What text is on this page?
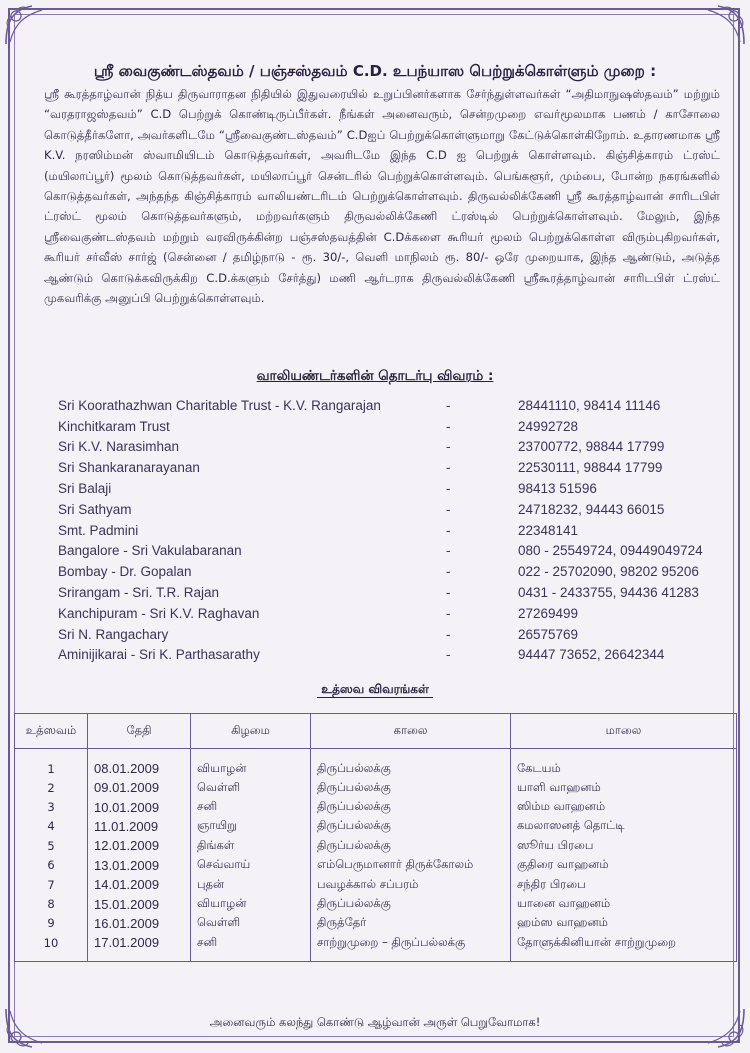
ஸ்ரீ வைகுண்டஸ்தவம் / பஞ்சஸ்தவம் C.D. உபந்யாஸ பெற்றுக்கொள்ளும் முறை :
ஸ்ரீ கூரத்தாழ்வான் நித்ய திருவாராதன நிதியில் இதுவரையில் உறுப்பினர்களாக சேர்ந்துள்ளவர்கள் “அதிமாநுஷஸ்தவம்” மற்றும் “வரதராஜஸ்தவம்” C.D பெற்றுக் கொண்டிருப்பீர்கள். நீங்கள் அனைவரும், சென்றமுறை எவர்மூலமாக பணம் / காசோலை கொடுத்தீர்களோ, அவர்களிடமே “ஸ்ரீவைகுண்டஸ்தவம்” C.Dஐப் பெற்றுக்கொள்ளுமாறு கேட்டுக்கொள்கிறோம். உதாரணமாக ஸ்ரீ K.V. நரஸிம்மன் ஸ்வாமியிடம் கொடுத்தவர்கள், அவரிடமே இந்த C.D ஐ பெற்றுக் கொள்ளவும். கிஞ்சித்காரம் ட்ரஸ்ட் (மயிலாப்பூர்) மூலம் கொடுத்தவர்கள், மயிலாப்பூர் சென்டரில் பெற்றுக்கொள்ளவும். பெங்களூர், மும்பை, போன்ற நகரங்களில் கொடுத்தவர்கள், அந்தந்த கிஞ்சித்காரம் வாலியண்டரிடம் பெற்றுக்கொள்ளவும். திருவல்லிக்கேணி ஸ்ரீ கூரத்தாழ்வான் சாரிடபிள் ட்ரஸ்ட் மூலம் கொடுத்தவர்களும், மற்றவர்களும் திருவல்லிக்கேணி ட்ரஸ்டில் பெற்றுக்கொள்ளவும். மேலும், இந்த ஸ்ரீவைகுண்டஸ்தவம் மற்றும் வரவிருக்கின்ற பஞ்சஸ்தவத்தின் C.Dக்களை கூரியர் மூலம் பெற்றுக்கொள்ள விரும்புகிறவர்கள், கூரியர் சர்வீஸ் சார்ஜ் (சென்னை / தமிழ்நாடு - ரூ. 30/-, வெளி மாநிலம் ரூ. 80/- ஒரே முறையாக, இந்த ஆண்டும், அடுத்த ஆண்டும் கொடுக்கவிருக்கிற C.D.க்களும் சேர்த்து) மணி ஆர்டராக திருவல்லிக்கேணி ஸ்ரீகூரத்தாழ்வான் சாரிடபிள் ட்ரஸ்ட் முகவரிக்கு அனுப்பி பெற்றுக்கொள்ளவும்.
வாலியண்டர்களின் தொடர்பு விவரம் :
Sri Koorathazhwan Charitable Trust - K.V. Rangarajan	-	28441110, 98414 11146
Kinchitkaram Trust	-	24992728
Sri K.V. Narasimhan	-	23700772, 98844 17799
Sri Shankaranarayanan	-	22530111, 98844 17799
Sri Balaji	-	98413 51596
Sri Sathyam	-	24718232, 94443 66015
Smt. Padmini	-	22348141
Bangalore - Sri Vakulabaranan	-	080 - 25549724, 09449049724
Bombay - Dr. Gopalan	-	022 - 25702090, 98202 95206
Srirangam - Sri. T.R. Rajan	-	0431 - 2433755, 94436 41283
Kanchipuram - Sri K.V. Raghavan	-	27269499
Sri N. Rangachary	-	26575769
Aminijikarai - Sri K. Parthasarathy	-	94447 73652, 26642344
உத்ஸவ விவரங்கள்
உத்ஸவம்	தேதி	கிழமை	காலை	மாலை
1	08.01.2009	வியாழன்	திருப்பல்லக்கு	கேடயம்
2	09.01.2009	வெள்ளி	திருப்பல்லக்கு	யாளி வாஹனம்
3	10.01.2009	சனி	திருப்பல்லக்கு	ஸிம்ம வாஹனம்
4	11.01.2009	ஞாயிறு	திருப்பல்லக்கு	கமலாஸனத் தொட்டி
5	12.01.2009	திங்கள்	திருப்பல்லக்கு	ஸூர்ய பிரபை
6	13.01.2009	செவ்வாய்	எம்பெருமானார் திருக்கோலம்	குதிரை வாஹனம்
7	14.01.2009	புதன்	பவழக்கால் சப்பரம்	சந்திர பிரபை
8	15.01.2009	வியாழன்	திருப்பல்லக்கு	யானை வாஹனம்
9	16.01.2009	வெள்ளி	திருத்தேர்	ஹம்ஸ வாஹனம்
10	17.01.2009	சனி	சாற்றுமுறை – திருப்பல்லக்கு	தோளுக்கினியான் சாற்றுமுறை
அனைவரும் கலந்து கொண்டு ஆழ்வான் அருள் பெறுவோமாக!
